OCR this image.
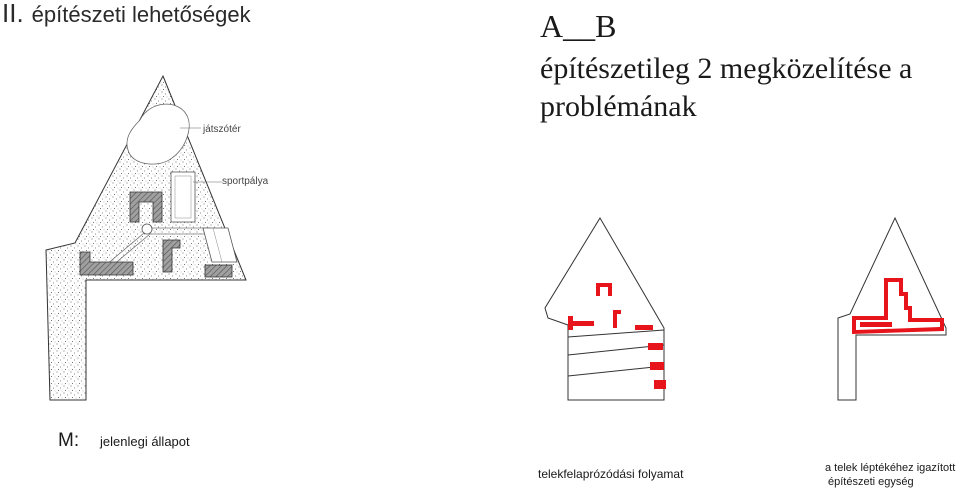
II. építészeti lehetőségek	A__B
építészetileg 2 megközelítése a
problémának
játszótér
sportpálya
M: jelenlegi állapot
telekfelaprózódási folyamat	a telek léptékéhez igazított
építészeti egység
